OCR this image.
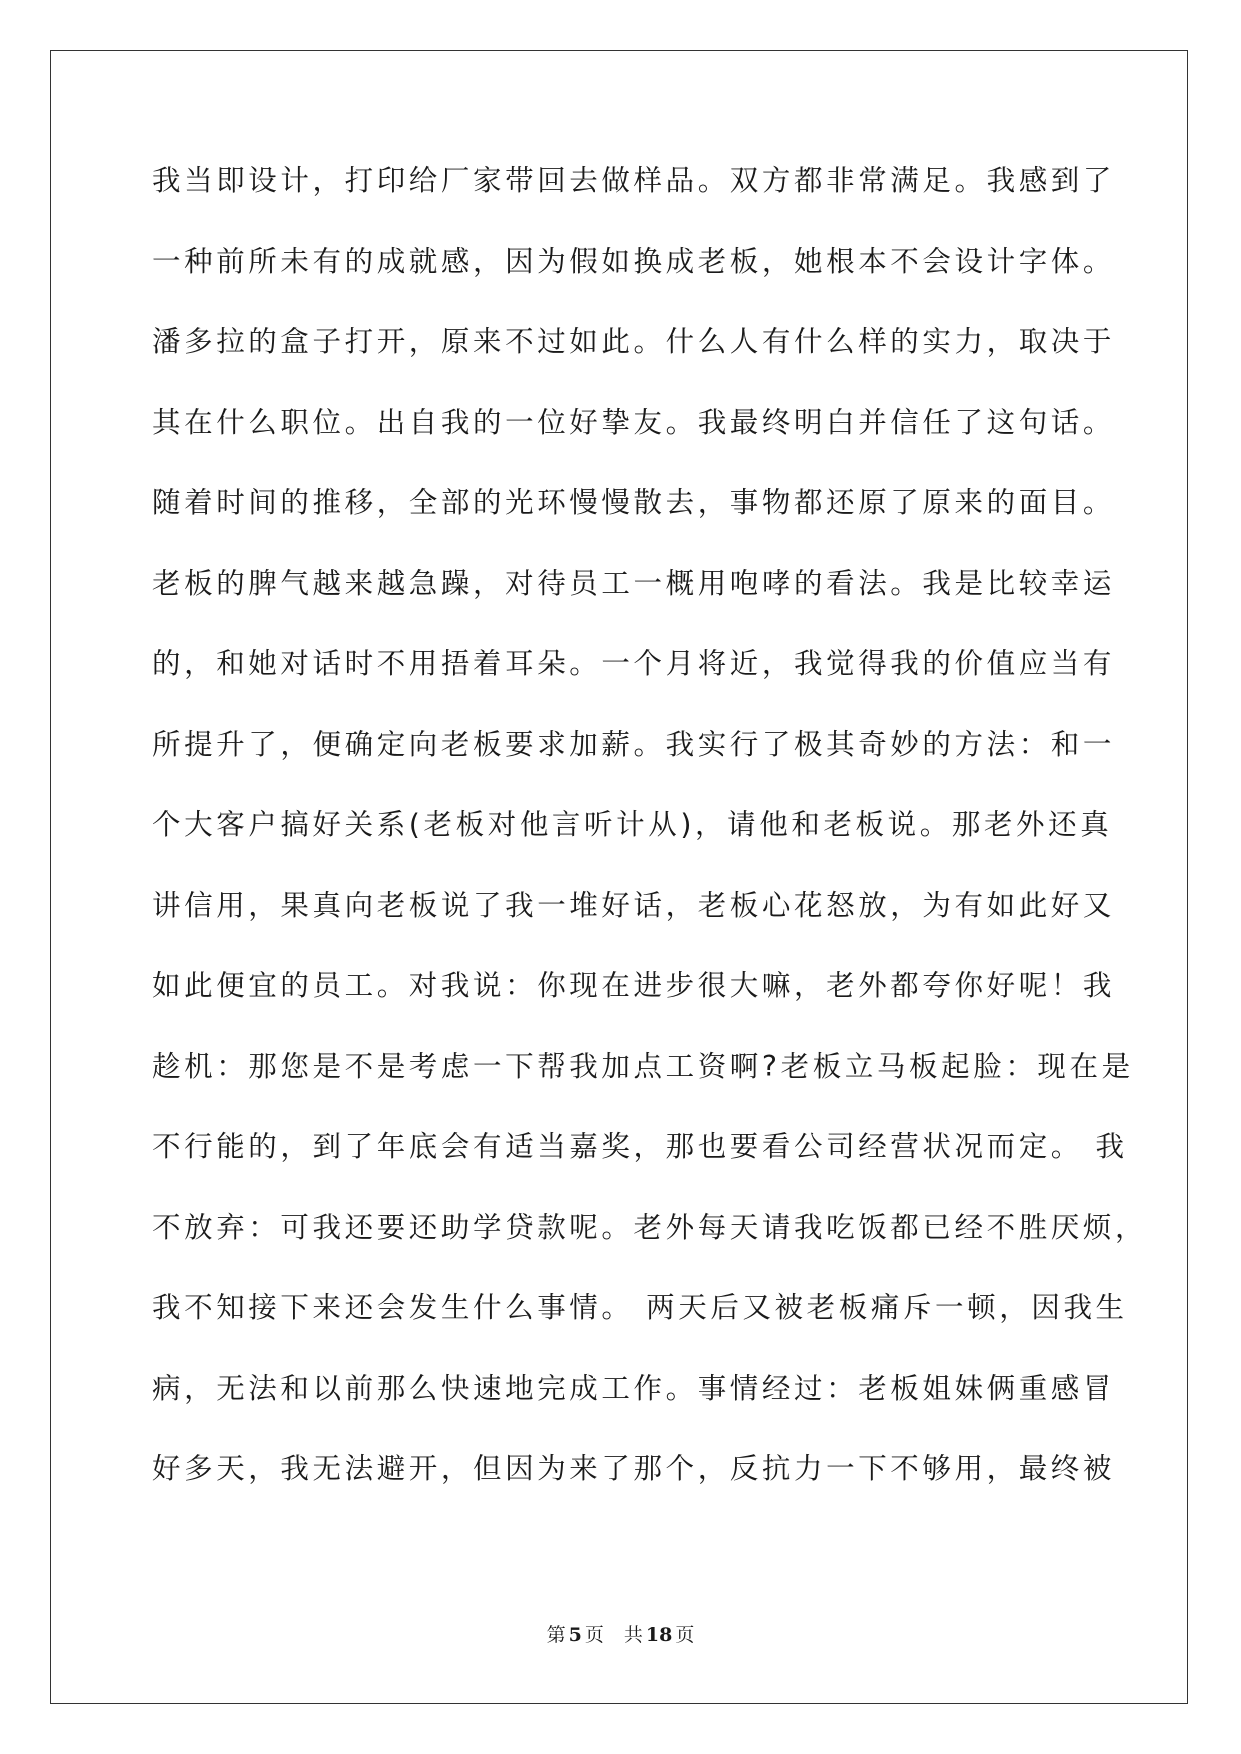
我当即设计，打印给厂家带回去做样品。双方都非常满足。我感到了
一种前所未有的成就感，因为假如换成老板，她根本不会设计字体。
潘多拉的盒子打开，原来不过如此。什么人有什么样的实力，取决于
其在什么职位。出自我的一位好挚友。我最终明白并信任了这句话。
随着时间的推移，全部的光环慢慢散去，事物都还原了原来的面目。
老板的脾气越来越急躁，对待员工一概用咆哮的看法。我是比较幸运
的，和她对话时不用捂着耳朵。一个月将近，我觉得我的价值应当有
所提升了，便确定向老板要求加薪。我实行了极其奇妙的方法：和一
个大客户搞好关系(老板对他言听计从)，请他和老板说。那老外还真
讲信用，果真向老板说了我一堆好话，老板心花怒放，为有如此好又
如此便宜的员工。对我说：你现在进步很大嘛，老外都夸你好呢！我
趁机：那您是不是考虑一下帮我加点工资啊?老板立马板起脸：现在是
不行能的，到了年底会有适当嘉奖，那也要看公司经营状况而定。 我
不放弃：可我还要还助学贷款呢。老外每天请我吃饭都已经不胜厌烦，
我不知接下来还会发生什么事情。 两天后又被老板痛斥一顿，因我生
病，无法和以前那么快速地完成工作。事情经过：老板姐妹俩重感冒
好多天，我无法避开，但因为来了那个，反抗力一下不够用，最终被
第 5 页 共 18 页
